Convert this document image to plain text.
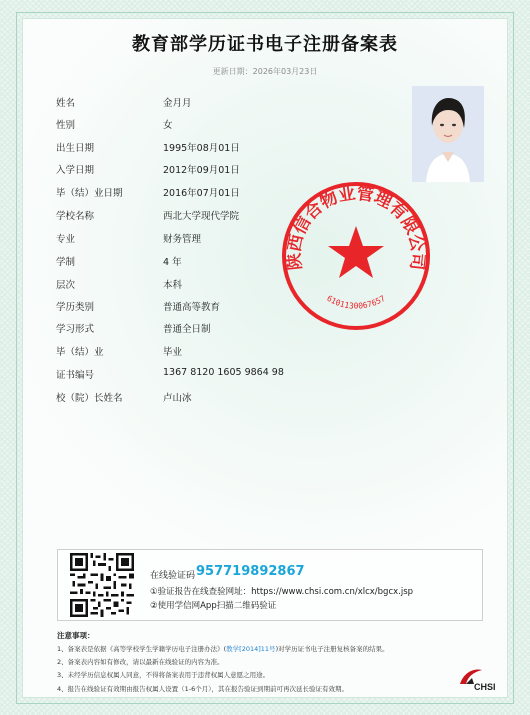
教育部学历证书电子注册备案表
更新日期：2026年03月23日
姓名	金月月
性别	女
出生日期	1995年08月01日
入学日期	2012年09月01日
毕（结）业日期	2016年07月01日
学校名称	西北大学现代学院
专业	财务管理
学制	4 年
层次	本科
学历类别	普通高等教育
学习形式	普通全日制
毕（结）业	毕业
证书编号	1367 8120 1605 9864 98
校（院）长姓名	卢山冰
陕西信合物业管理有限公司
6101130067657
在线验证码 957719892867
①验证报告在线查验网址：https://www.chsi.com.cn/xlcx/bgcx.jsp
②使用学信网App扫描二维码验证
注意事项：
1、备案表是依据《高等学校学生学籍学历电子注册办法》(教学[2014]11号)对学历证书电子注册复核备案的结果。
2、备案表内容如有修改，请以最新在线验证的内容为准。
3、未经学历信息权属人同意，不得将备案表用于违背权属人意愿之用途。
4、报告在线验证有效期由报告权属人设置（1-6个月），其在报告验证到期前可再次延长验证有效期。	CHSI
